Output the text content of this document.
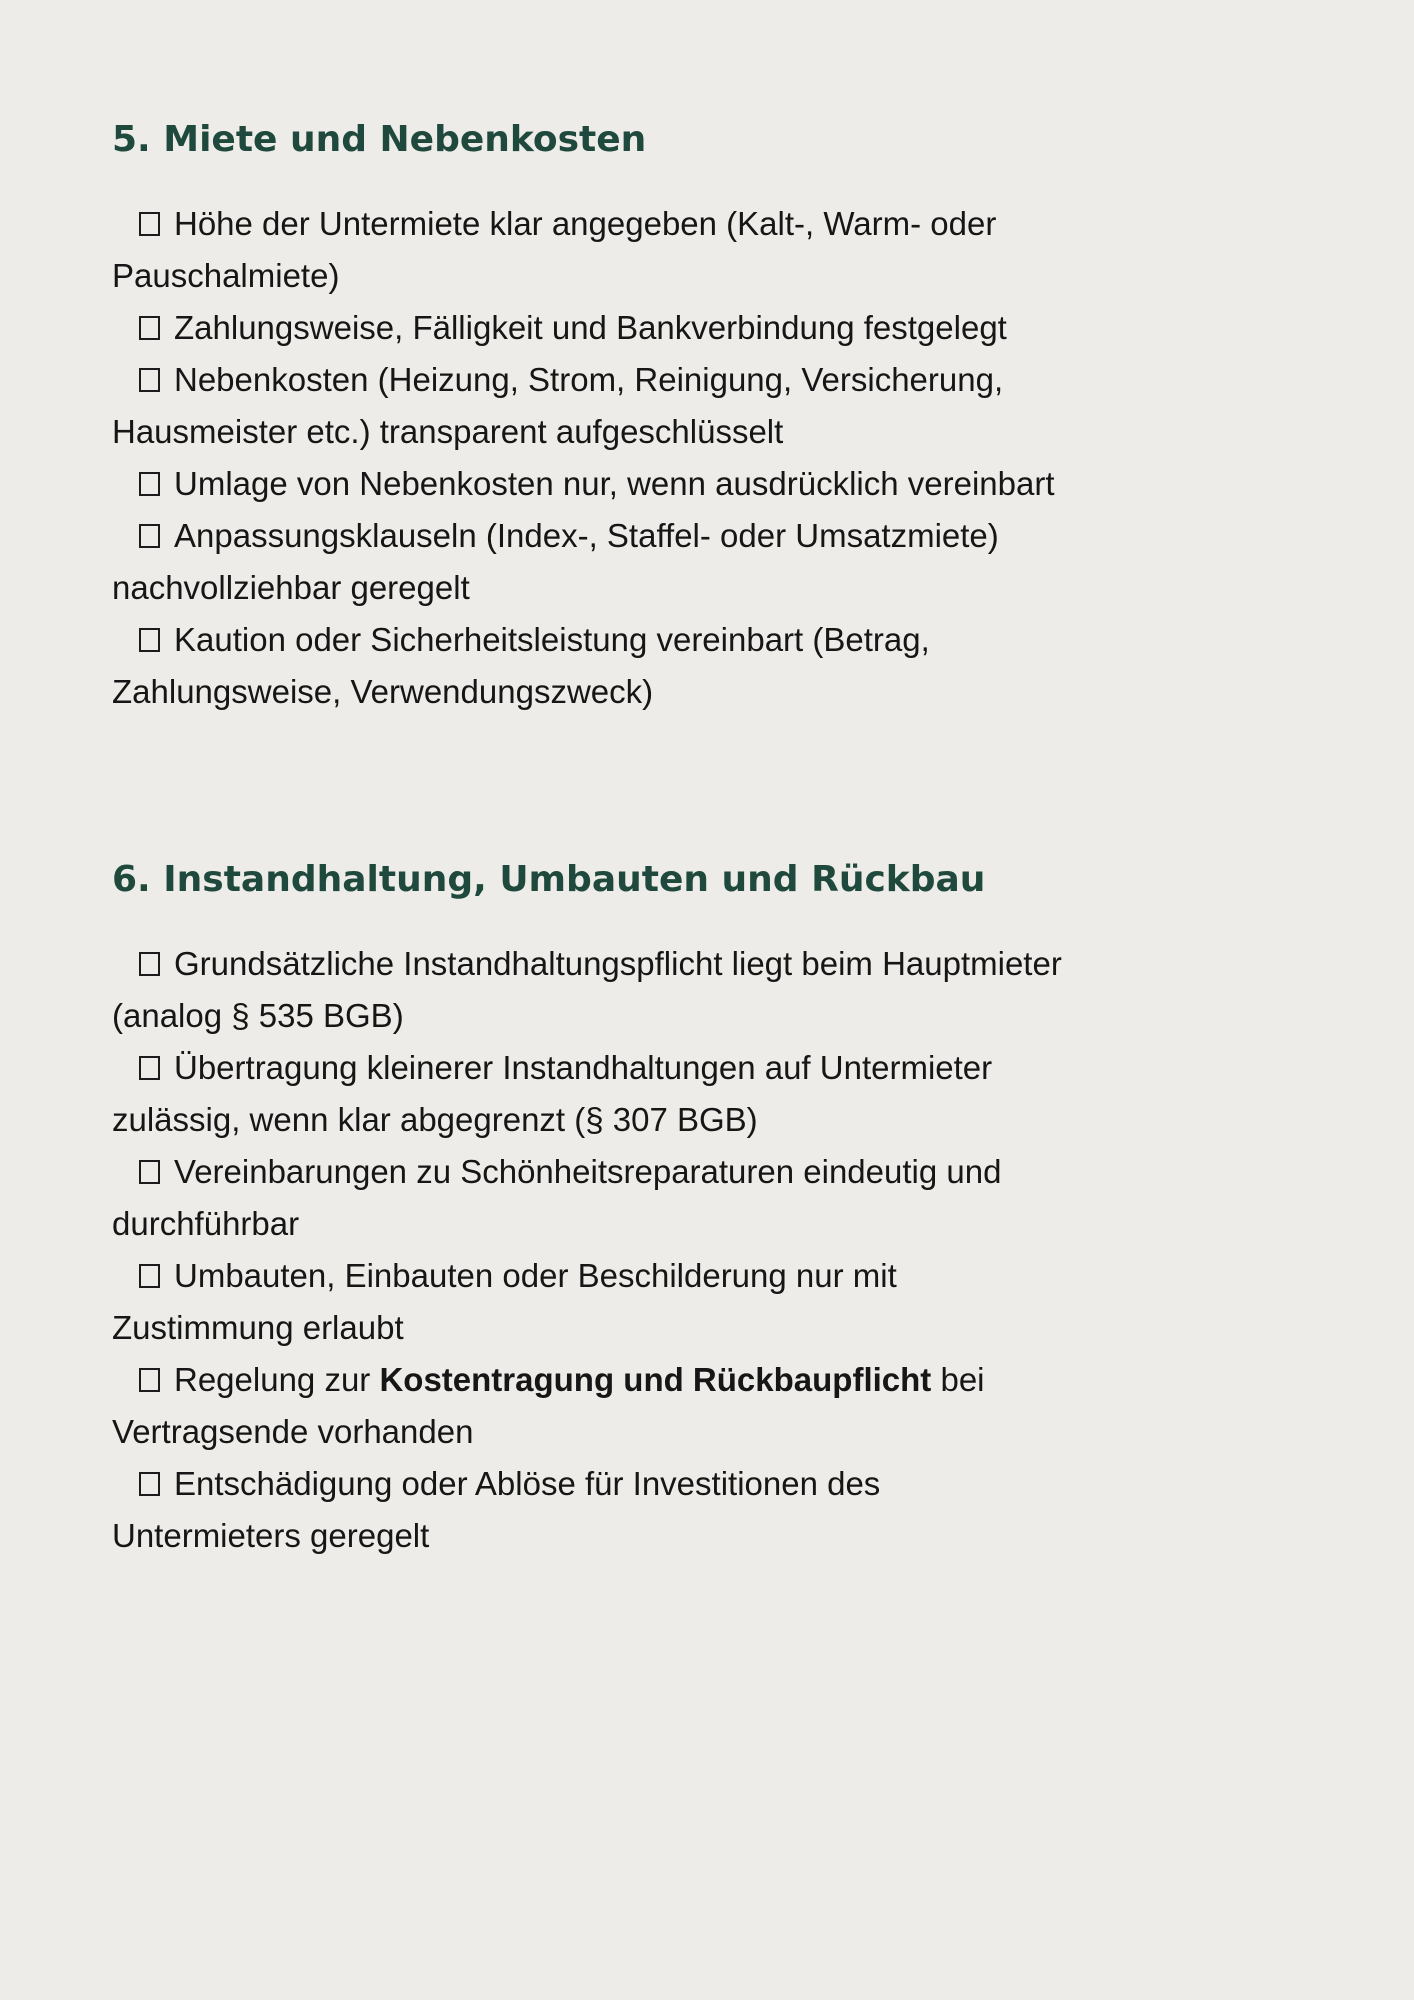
5. Miete und Nebenkosten
Höhe der Untermiete klar angegeben (Kalt-, Warm- oder Pauschalmiete)
Zahlungsweise, Fälligkeit und Bankverbindung festgelegt
Nebenkosten (Heizung, Strom, Reinigung, Versicherung, Hausmeister etc.) transparent aufgeschlüsselt
Umlage von Nebenkosten nur, wenn ausdrücklich vereinbart
Anpassungsklauseln (Index-, Staffel- oder Umsatzmiete) nachvollziehbar geregelt
Kaution oder Sicherheitsleistung vereinbart (Betrag, Zahlungsweise, Verwendungszweck)
6. Instandhaltung, Umbauten und Rückbau
Grundsätzliche Instandhaltungspflicht liegt beim Hauptmieter (analog § 535 BGB)
Übertragung kleinerer Instandhaltungen auf Untermieter zulässig, wenn klar abgegrenzt (§ 307 BGB)
Vereinbarungen zu Schönheitsreparaturen eindeutig und durchführbar
Umbauten, Einbauten oder Beschilderung nur mit Zustimmung erlaubt
Regelung zur Kostentragung und Rückbaupflicht bei Vertragsende vorhanden
Entschädigung oder Ablöse für Investitionen des Untermieters geregelt
